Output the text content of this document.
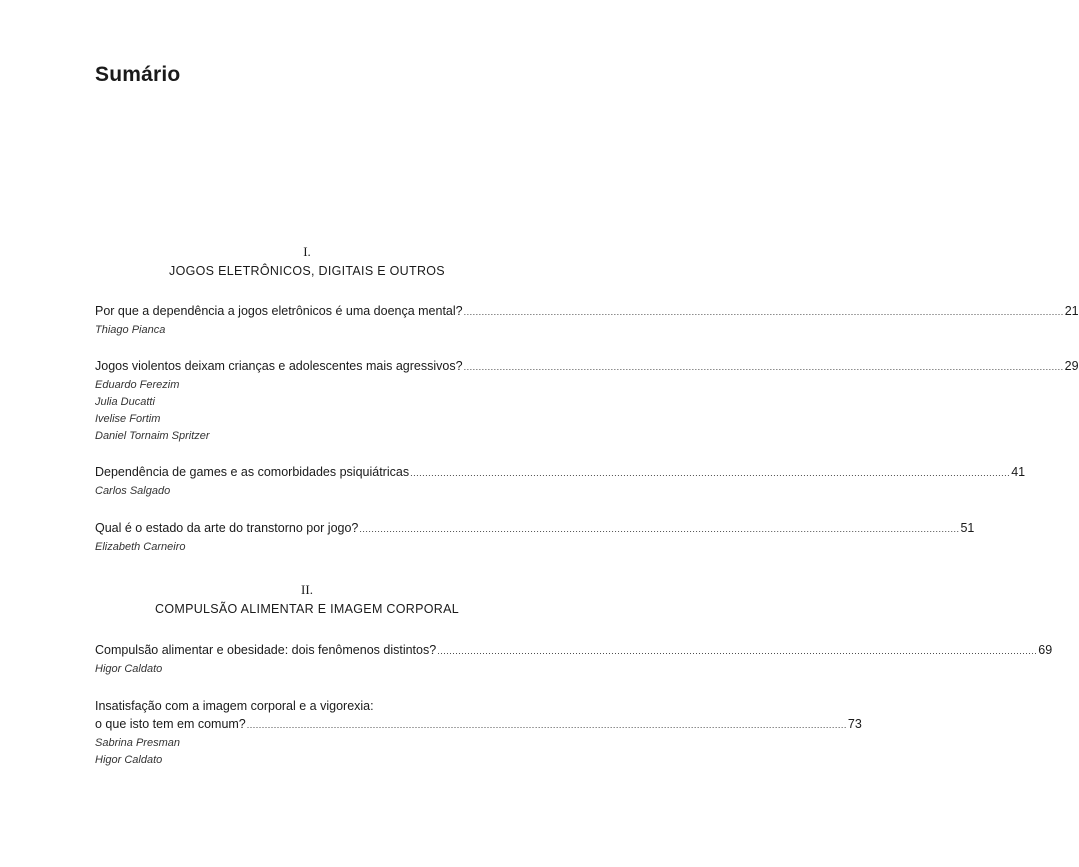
Sumário
I.
JOGOS ELETRÔNICOS, DIGITAIS E OUTROS
Por que a dependência a jogos eletrônicos é uma doença mental? ........................................................................................................................................................................................................ 21
Thiago Pianca
Jogos violentos deixam crianças e adolescentes mais agressivos? ........................................................................................................................................................................................................ 29
Eduardo Ferezim
Julia Ducatti
Ivelise Fortim
Daniel Tornaim Spritzer
Dependência de games e as comorbidades psiquiátricas ........................................................................................................................................................................................................ 41
Carlos Salgado
Qual é o estado da arte do transtorno por jogo? ........................................................................................................................................................................................................ 51
Elizabeth Carneiro
II.
COMPULSÃO ALIMENTAR E IMAGEM CORPORAL
Compulsão alimentar e obesidade: dois fenômenos distintos? ........................................................................................................................................................................................................ 69
Higor Caldato
Insatisfação com a imagem corporal e a vigorexia:
o que isto tem em comum? ........................................................................................................................................................................................................ 73
Sabrina Presman
Higor Caldato
